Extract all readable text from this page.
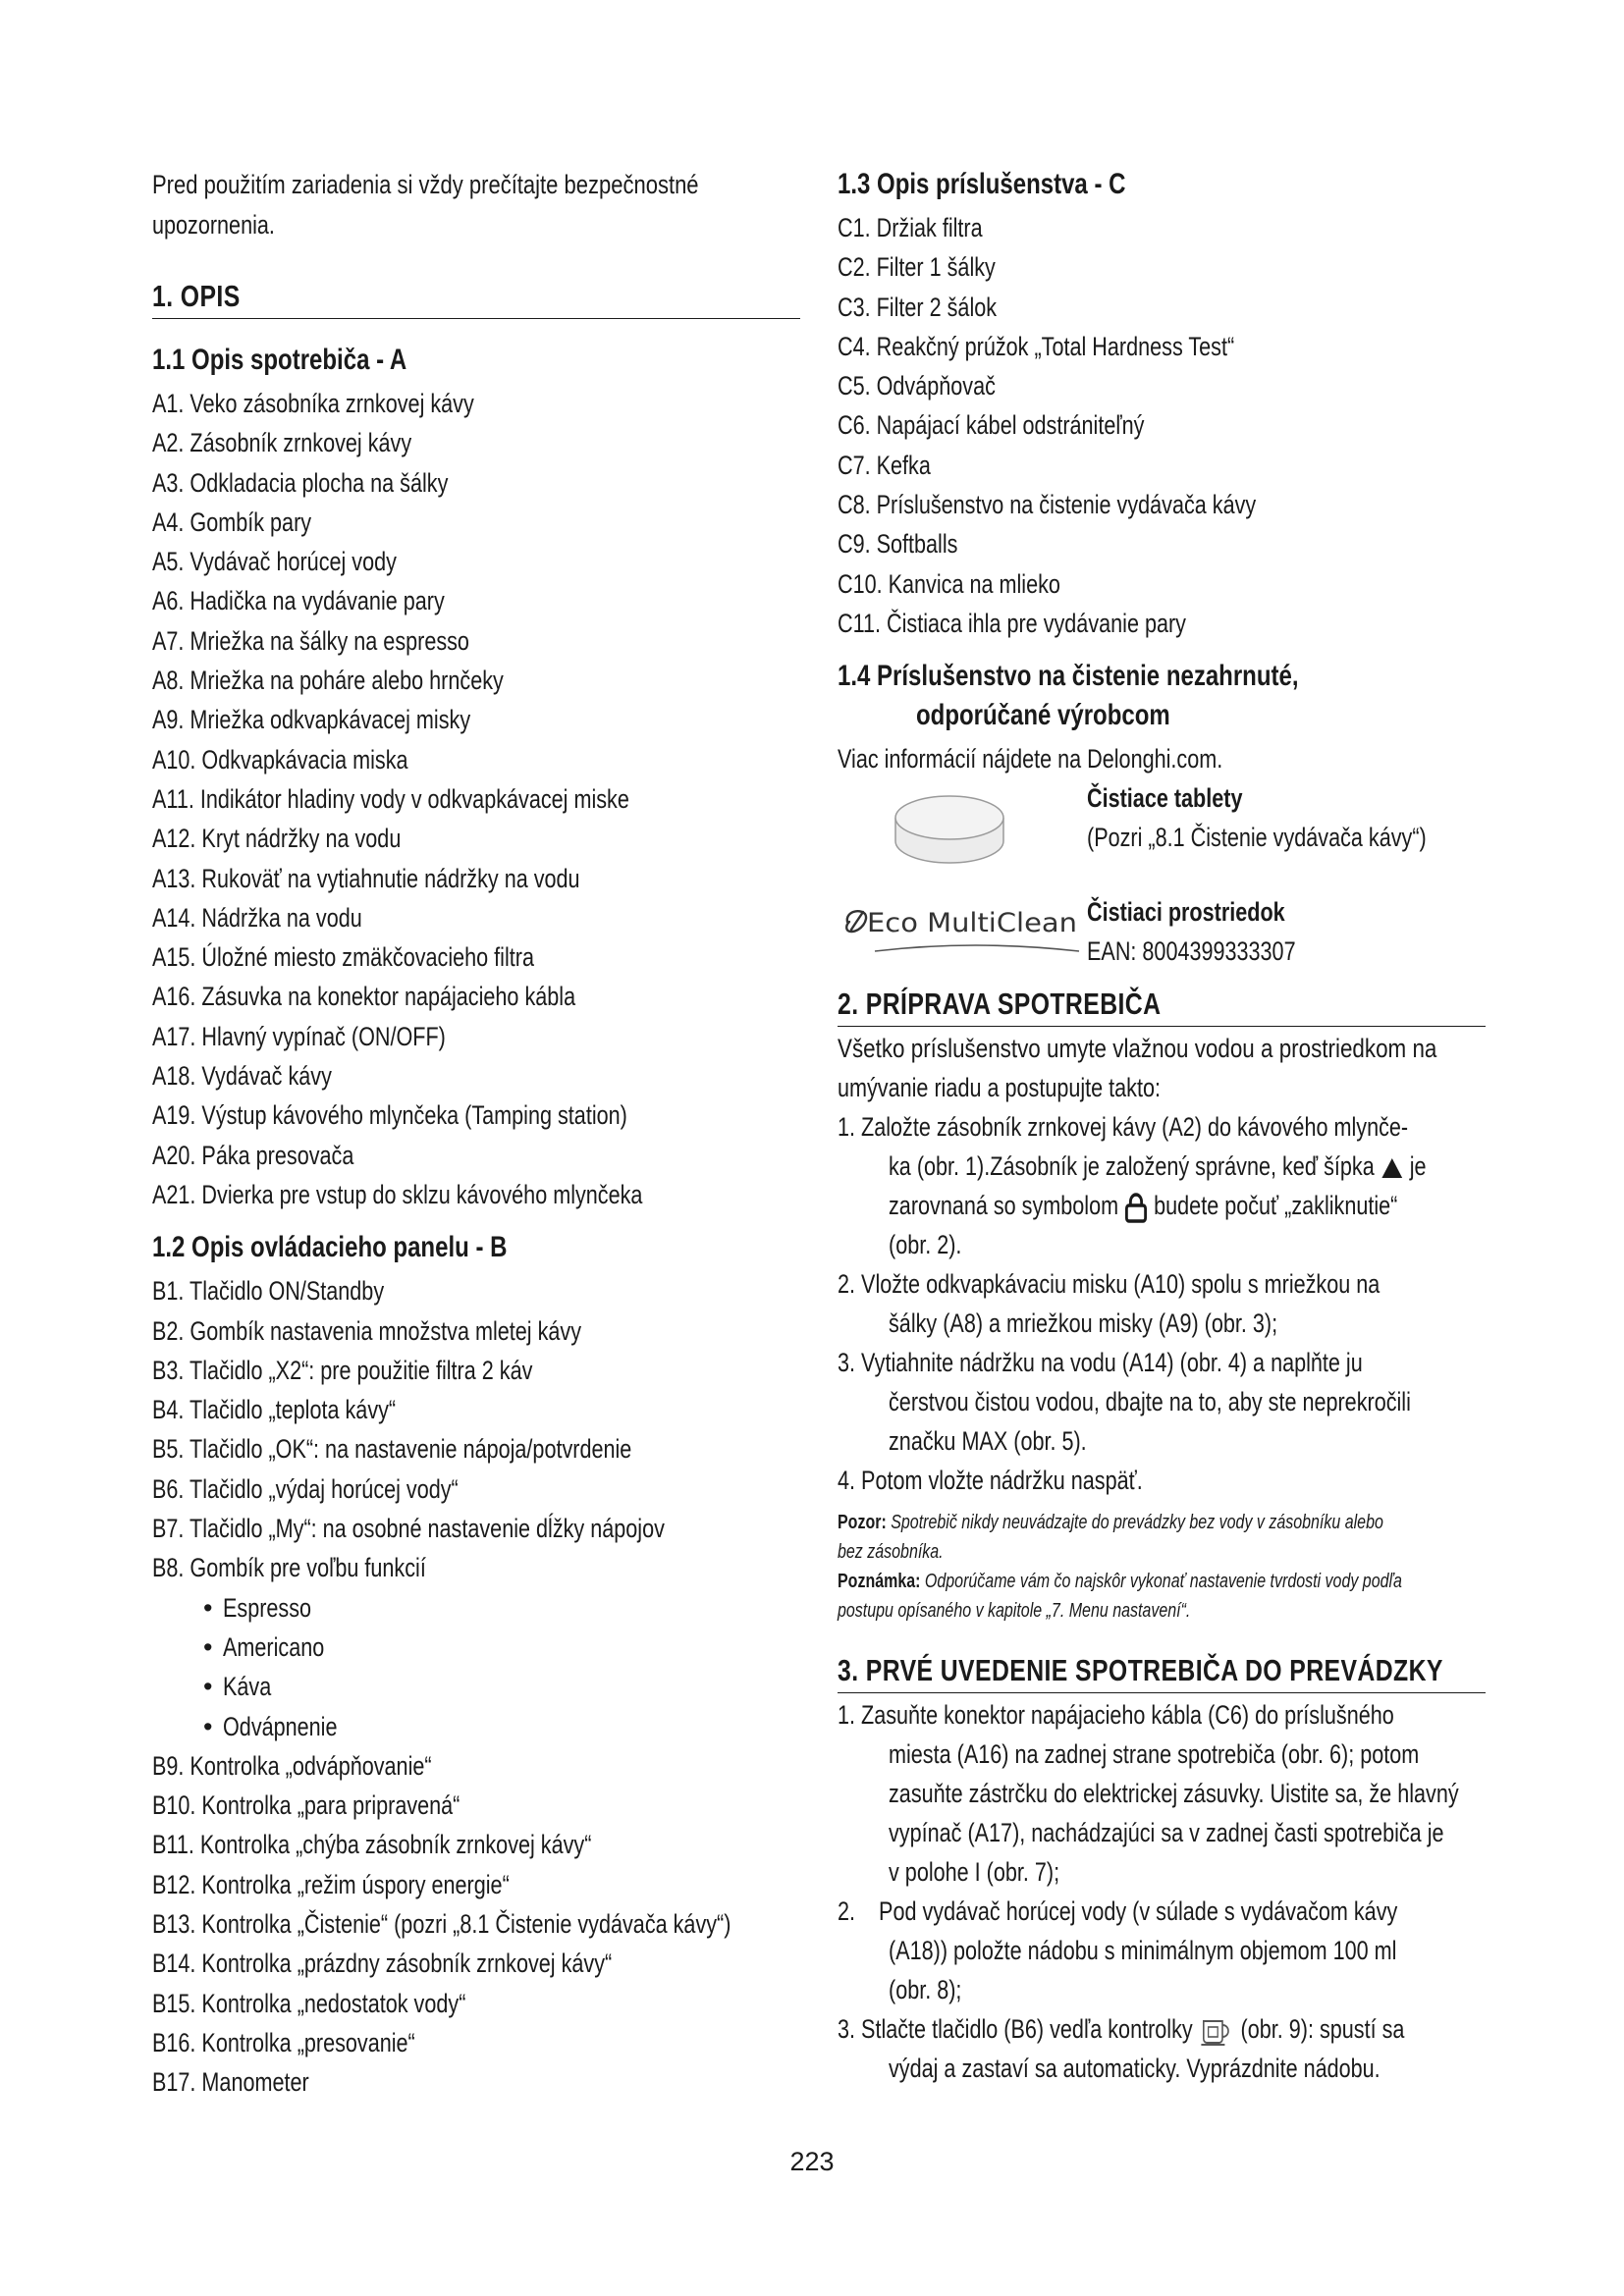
Pred použitím zariadenia si vždy prečítajte bezpečnostné
upozornenia.

1. OPIS
1.1 Opis spotrebiča - A
A1. Veko zásobníka zrnkovej kávy
A2. Zásobník zrnkovej kávy
A3. Odkladacia plocha na šálky
A4. Gombík pary
A5. Vydávač horúcej vody
A6. Hadička na vydávanie pary
A7. Mriežka na šálky na espresso
A8. Mriežka na poháre alebo hrnčeky
A9. Mriežka odkvapkávacej misky
A10. Odkvapkávacia miska
A11. Indikátor hladiny vody v odkvapkávacej miske
A12. Kryt nádržky na vodu
A13. Rukoväť na vytiahnutie nádržky na vodu
A14. Nádržka na vodu
A15. Úložné miesto zmäkčovacieho filtra
A16. Zásuvka na konektor napájacieho kábla
A17. Hlavný vypínač (ON/OFF)
A18. Vydávač kávy
A19. Výstup kávového mlynčeka (Tamping station)
A20. Páka presovača
A21. Dvierka pre vstup do sklzu kávového mlynčeka
1.2 Opis ovládacieho panelu - B
B1. Tlačidlo ON/Standby
B2. Gombík nastavenia množstva mletej kávy
B3. Tlačidlo „X2“: pre použitie filtra 2 káv
B4. Tlačidlo „teplota kávy“
B5. Tlačidlo „OK“: na nastavenie nápoja/potvrdenie
B6. Tlačidlo „výdaj horúcej vody“
B7. Tlačidlo „My“: na osobné nastavenie dĺžky nápojov
B8. Gombík pre voľbu funkcií
• Espresso
• Americano
• Káva
• Odvápnenie
B9. Kontrolka „odvápňovanie“
B10. Kontrolka „para pripravená“
B11. Kontrolka „chýba zásobník zrnkovej kávy“
B12. Kontrolka „režim úspory energie“
B13. Kontrolka „Čistenie“ (pozri „8.1 Čistenie vydávača kávy“)
B14. Kontrolka „prázdny zásobník zrnkovej kávy“
B15. Kontrolka „nedostatok vody“
B16. Kontrolka „presovanie“
B17. Manometer
1.3 Opis príslušenstva - C
C1. Držiak filtra
C2. Filter 1 šálky
C3. Filter 2 šálok
C4. Reakčný prúžok „Total Hardness Test“
C5. Odvápňovač
C6. Napájací kábel odstrániteľný
C7. Kefka
C8. Príslušenstvo na čistenie vydávača kávy
C9. Softballs
C10. Kanvica na mlieko
C11. Čistiaca ihla pre vydávanie pary
1.4 Príslušenstvo na čistenie nezahrnuté,
odporúčané výrobcom

Viac informácií nájdete na Delonghi.com.

Čistiace tablety
(Pozri „8.1 Čistenie vydávača kávy“)
Eco MultiClean Čistiaci prostriedok
EAN: 8004399333307
2. PRÍPRAVA SPOTREBIČA

Všetko príslušenstvo umyte vlažnou vodou a prostriedkom na
umývanie riadu a postupujte takto:

1. Založte zásobník zrnkovej kávy (A2) do kávového mlynče-
ka (obr. 1).Zásobník je založený správne, keď šípka je
zarovnaná so symbolom budete počuť „zakliknutie“
(obr. 2).
2. Vložte odkvapkávaciu misku (A10) spolu s mriežkou na
šálky (A8) a mriežkou misky (A9) (obr. 3);
3. Vytiahnite nádržku na vodu (A14) (obr. 4) a naplňte ju
čerstvou čistou vodou, dbajte na to, aby ste neprekročili
značku MAX (obr. 5).
4. Potom vložte nádržku naspäť.

Pozor: Spotrebič nikdy neuvádzajte do prevádzky bez vody v zásobníku alebo
bez zásobníka.

Poznámka: Odporúčame vám čo najskôr vykonať nastavenie tvrdosti vody podľa
postupu opísaného v kapitole „7. Menu nastavení“.

3. PRVÉ UVEDENIE SPOTREBIČA DO PREVÁDZKY
1. Zasuňte konektor napájacieho kábla (C6) do príslušného
miesta (A16) na zadnej strane spotrebiča (obr. 6); potom
zasuňte zástrčku do elektrickej zásuvky. Uistite sa, že hlavný
vypínač (A17), nachádzajúci sa v zadnej časti spotrebiča je
v polohe I (obr. 7);
2. Pod vydávač horúcej vody (v súlade s vydávačom kávy
(A18)) položte nádobu s minimálnym objemom 100 ml
(obr. 8);
3. Stlačte tlačidlo (B6) vedľa kontrolky (obr. 9): spustí sa
výdaj a zastaví sa automaticky. Vyprázdnite nádobu.
223
